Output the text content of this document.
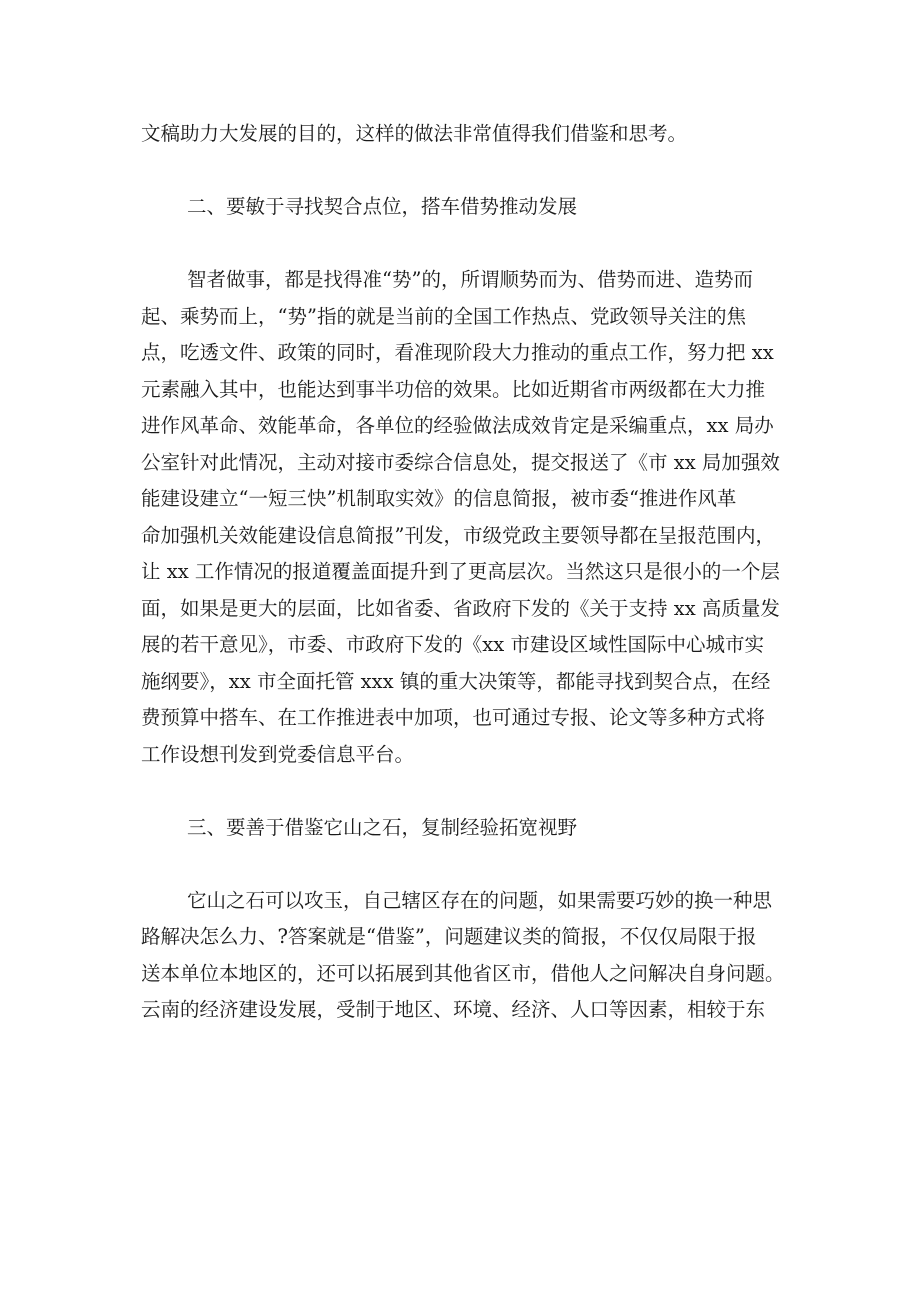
文稿助力大发展的目的，这样的做法非常值得我们借鉴和思考。
二、要敏于寻找契合点位，搭车借势推动发展
智者做事，都是找得准“势”的，所谓顺势而为、借势而进、造势而
起、乘势而上，“势”指的就是当前的全国工作热点、党政领导关注的焦
点，吃透文件、政策的同时，看准现阶段大力推动的重点工作，努力把 xx
元素融入其中，也能达到事半功倍的效果。比如近期省市两级都在大力推
进作风革命、效能革命，各单位的经验做法成效肯定是采编重点，xx 局办
公室针对此情况，主动对接市委综合信息处，提交报送了《市 xx 局加强效
能建设建立“一短三快”机制取实效》的信息简报，被市委“推进作风革
命加强机关效能建设信息简报”刊发，市级党政主要领导都在呈报范围内，
让 xx 工作情况的报道覆盖面提升到了更高层次。当然这只是很小的一个层
面，如果是更大的层面，比如省委、省政府下发的《关于支持 xx 高质量发
展的若干意见》，市委、市政府下发的《xx 市建设区域性国际中心城市实
施纲要》，xx 市全面托管 xxx 镇的重大决策等，都能寻找到契合点，在经
费预算中搭车、在工作推进表中加项，也可通过专报、论文等多种方式将
工作设想刊发到党委信息平台。
三、要善于借鉴它山之石，复制经验拓宽视野
它山之石可以攻玉，自己辖区存在的问题，如果需要巧妙的换一种思
路解决怎么力、?答案就是“借鉴”，问题建议类的简报，不仅仅局限于报
送本单位本地区的，还可以拓展到其他省区市，借他人之问解决自身问题。
云南的经济建设发展，受制于地区、环境、经济、人口等因素，相较于东
